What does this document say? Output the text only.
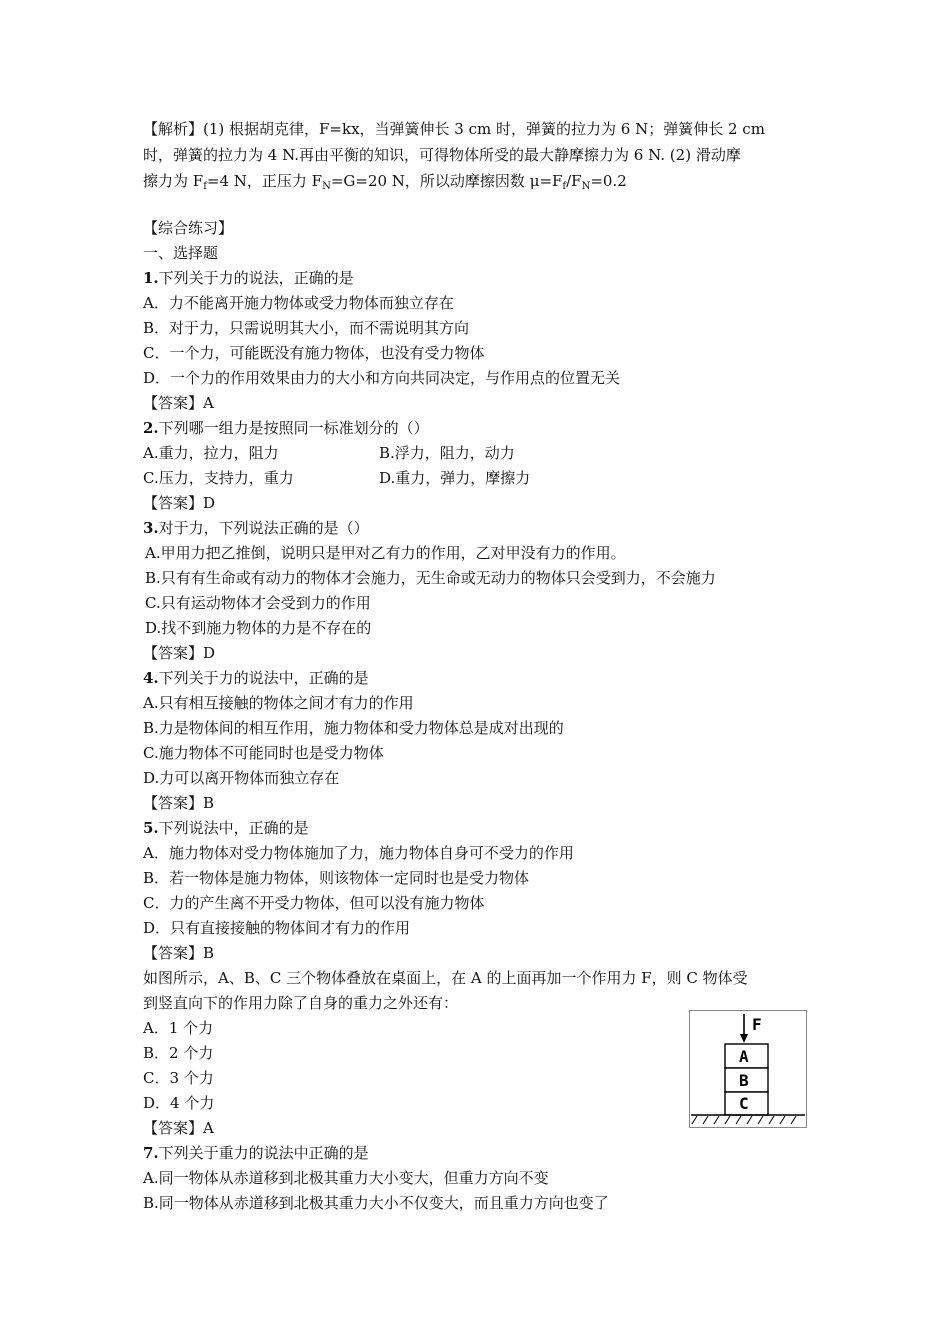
【解析】(1) 根据胡克律，F=kx，当弹簧伸长 3 cm 时，弹簧的拉力为 6 N；弹簧伸长 2 cm
时，弹簧的拉力为 4 N.再由平衡的知识，可得物体所受的最大静摩擦力为 6 N. (2) 滑动摩
擦力为 $F_f=4$ N，正压力 $F_N=G=20$ N，所以动摩擦因数 $\mu=F_f/F_N=0.2$
【综合练习】
一、选择题
1.下列关于力的说法，正确的是
A．力不能离开施力物体或受力物体而独立存在
B．对于力，只需说明其大小，而不需说明其方向
C．一个力，可能既没有施力物体，也没有受力物体
D．一个力的作用效果由力的大小和方向共同决定，与作用点的位置无关
【答案】A
2.下列哪一组力是按照同一标准划分的（）
A.重力，拉力，阻力	B.浮力，阻力，动力
C.压力，支持力，重力	D.重力，弹力，摩擦力
【答案】D
3.对于力，下列说法正确的是（）
A.甲用力把乙推倒，说明只是甲对乙有力的作用，乙对甲没有力的作用。
B.只有有生命或有动力的物体才会施力，无生命或无动力的物体只会受到力，不会施力
C.只有运动物体才会受到力的作用
D.找不到施力物体的力是不存在的
【答案】D
4.下列关于力的说法中，正确的是
A.只有相互接触的物体之间才有力的作用
B.力是物体间的相互作用，施力物体和受力物体总是成对出现的
C.施力物体不可能同时也是受力物体
D.力可以离开物体而独立存在
【答案】B
5.下列说法中，正确的是
A．施力物体对受力物体施加了力，施力物体自身可不受力的作用
B．若一物体是施力物体，则该物体一定同时也是受力物体
C．力的产生离不开受力物体，但可以没有施力物体
D．只有直接接触的物体间才有力的作用
【答案】B
如图所示，A、B、C 三个物体叠放在桌面上，在 A 的上面再加一个作用力 F，则 C 物体受
到竖直向下的作用力除了自身的重力之外还有：
A．1 个力
B．2 个力
C．3 个力
D．4 个力
【答案】A
7.下列关于重力的说法中正确的是
A.同一物体从赤道移到北极其重力大小变大，但重力方向不变
B.同一物体从赤道移到北极其重力大小不仅变大，而且重力方向也变了
F
A
B
C
